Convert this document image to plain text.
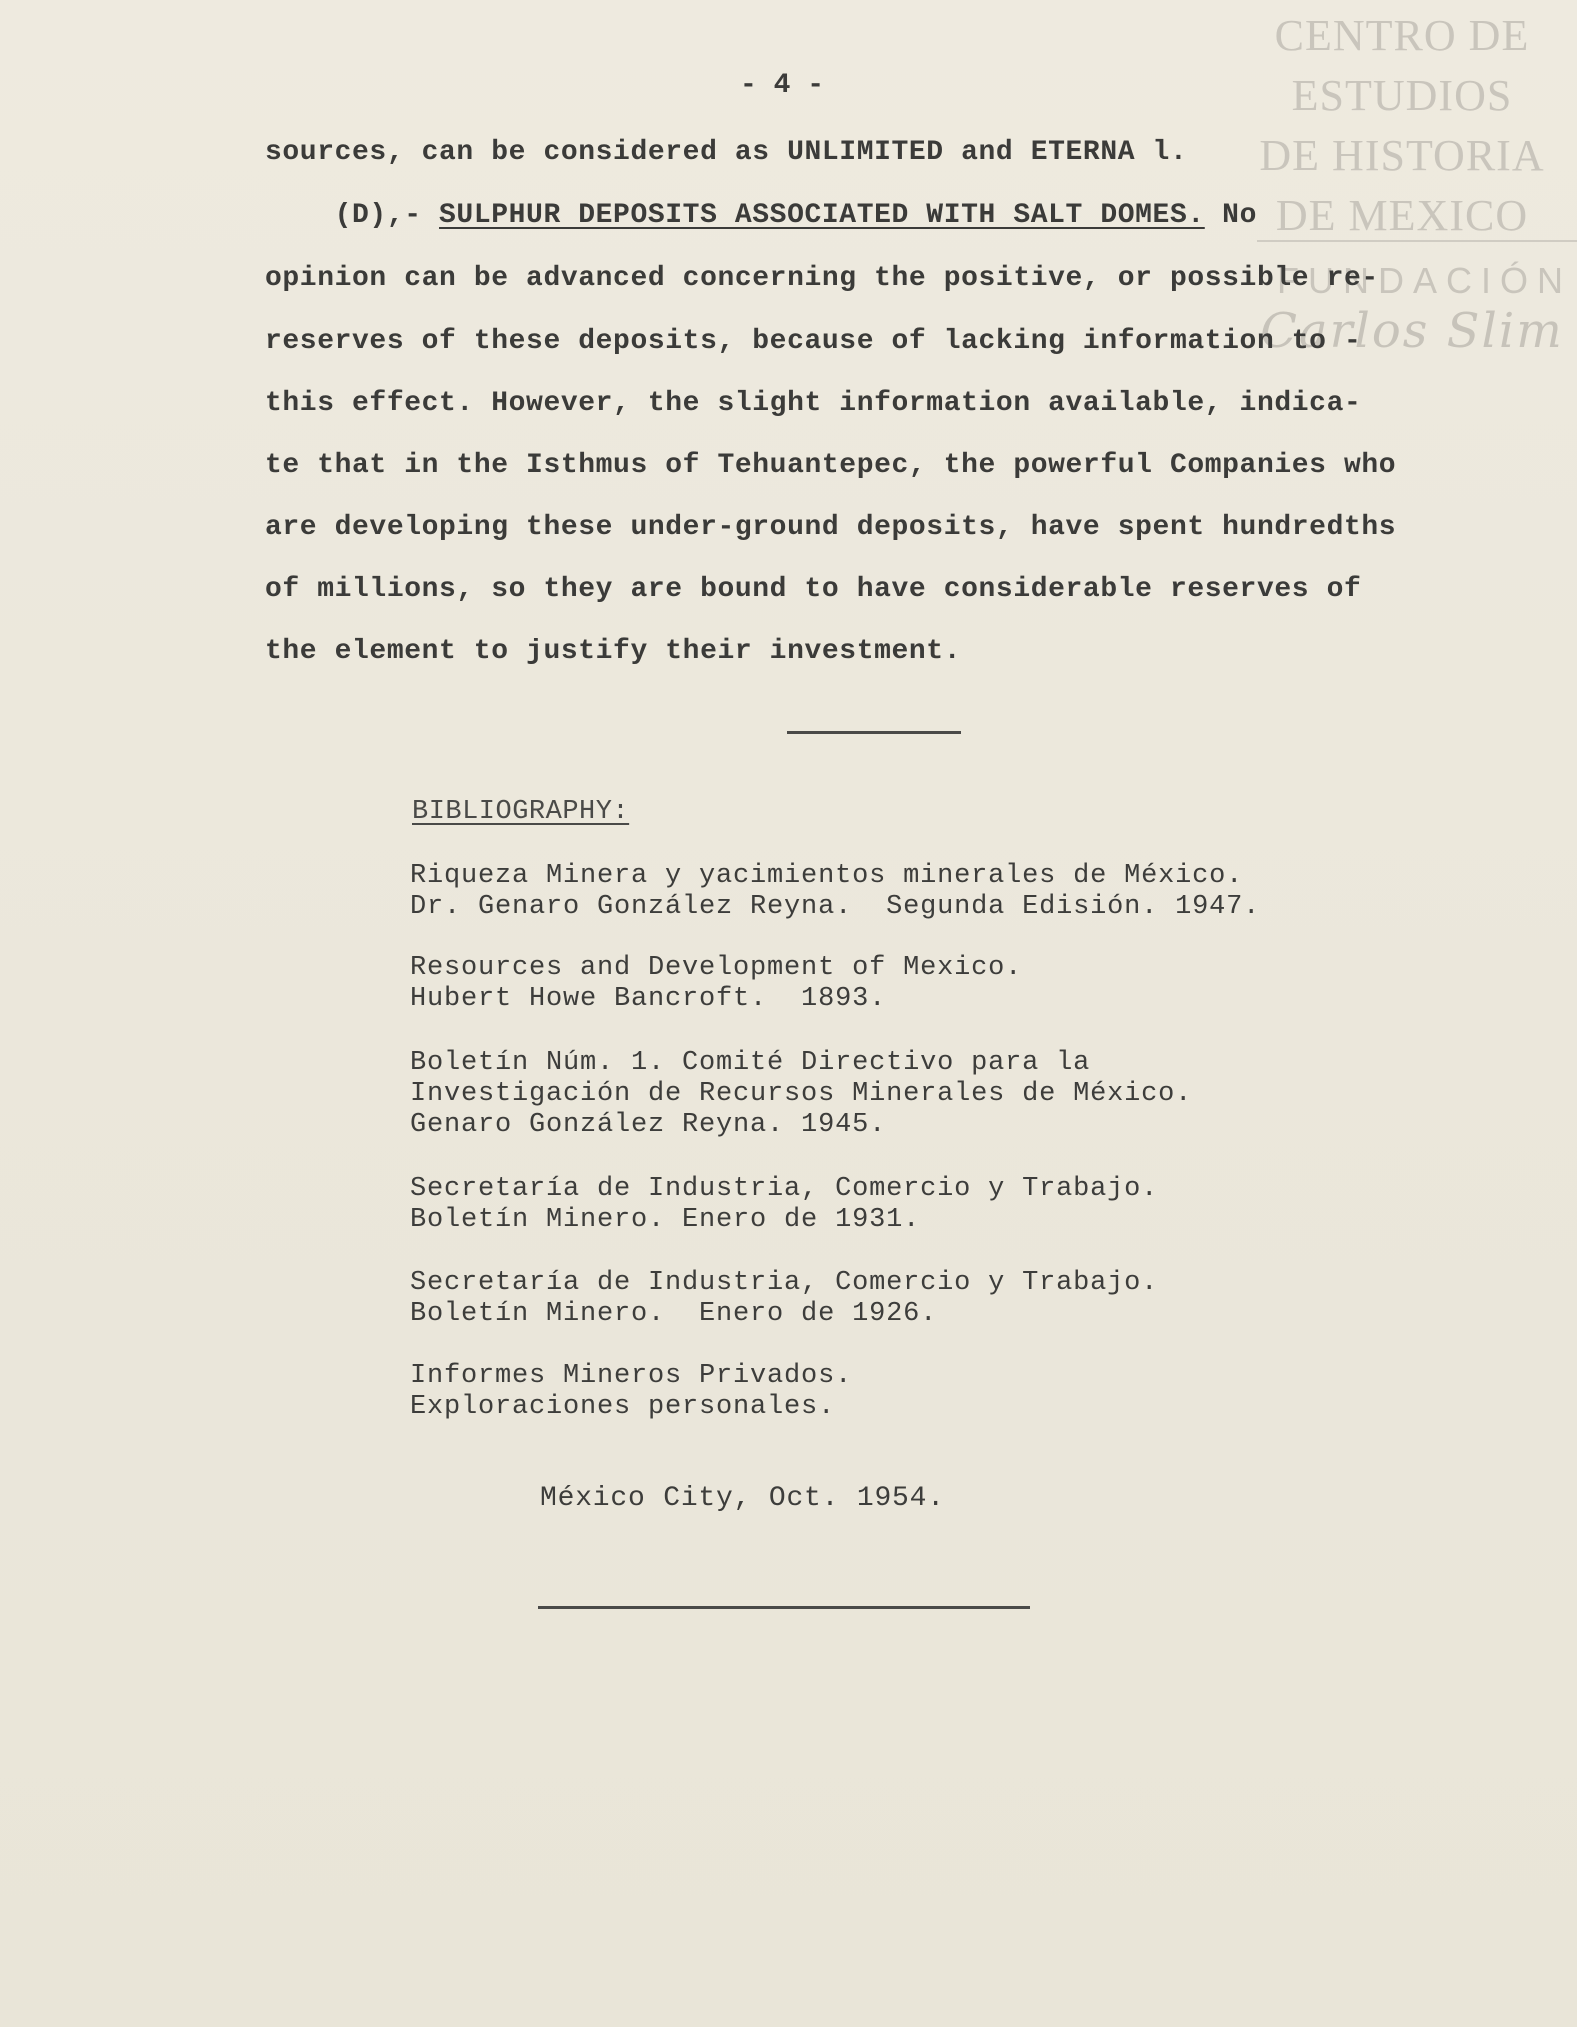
CENTRO DE
ESTUDIOS
DE HISTORIA
DE MEXICO
FUNDACIÓN
Carlos Slim
- 4 -
sources, can be considered as UNLIMITED and ETERNA l.
(D),- SULPHUR DEPOSITS ASSOCIATED WITH SALT DOMES. No
opinion can be advanced concerning the positive, or possible re-
reserves of these deposits, because of lacking information to -
this effect. However, the slight information available, indica-
te that in the Isthmus of Tehuantepec, the powerful Companies who
are developing these under-ground deposits, have spent hundredths
of millions, so they are bound to have considerable reserves of
the element to justify their investment.
BIBLIOGRAPHY:
Riqueza Minera y yacimientos minerales de México.
Dr. Genaro González Reyna.  Segunda Edisión. 1947.
Resources and Development of Mexico.
Hubert Howe Bancroft.  1893.
Boletín Núm. 1. Comité Directivo para la
Investigación de Recursos Minerales de México.
Genaro González Reyna. 1945.
Secretaría de Industria, Comercio y Trabajo.
Boletín Minero. Enero de 1931.
Secretaría de Industria, Comercio y Trabajo.
Boletín Minero.  Enero de 1926.
Informes Mineros Privados.
Exploraciones personales.
México City, Oct. 1954.
